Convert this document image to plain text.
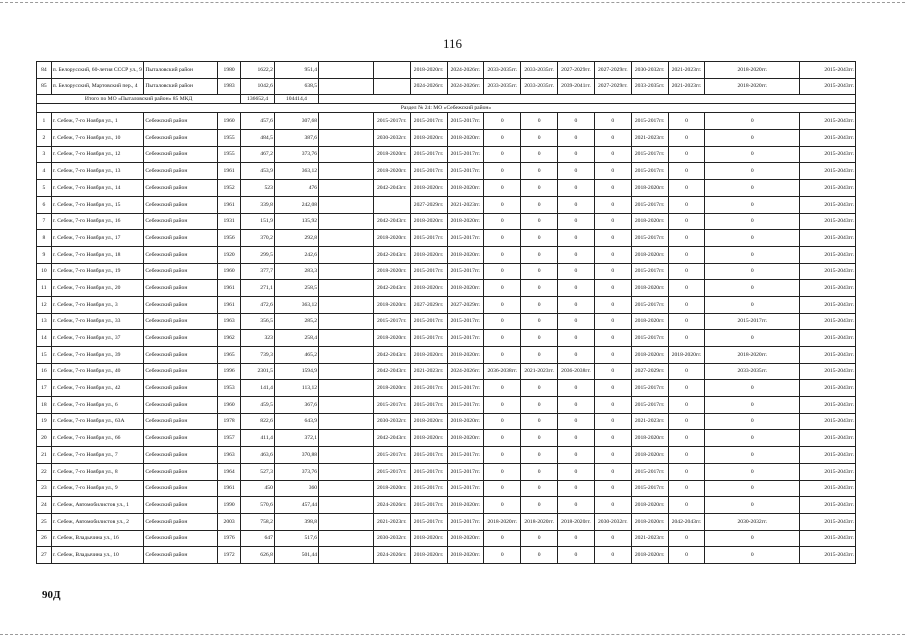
116
84	п. Белорусский, 60-летия СССР ул., 9	Пыталовский район	1980	1622,2	951,4			2018-2020гг.	2024-2026гг.	2033-2035гг.	2033-2035гг.	2027-2029гг.	2027-2029гг.	2030-2032гг.	2021-2023гг.	2018-2020гг.	2015-2043гг.
85	п. Белорусский, Мартовский пер., 4	Пыталовский район	1983	1042,6	638,5			2024-2026гг.	2024-2026гг.	2033-2035гг.	2033-2035гг.	2039-2041гг.	2027-2029гг.	2033-2035гг.	2021-2023гг.	2018-2020гг.	2015-2043гг.
Итого по МО «Пыталовский район» 85 МКД				136652,4	104414,4												
Раздел № 24: МО «Себежский район»																	
1	г. Себеж, 7-го Ноября ул., 1	Себежский район	1960	457,6	307,68		2015-2017гг.	2015-2017гг.	2015-2017гг.	0	0	0	0	2015-2017гг.	0	0	2015-2043гг.
2	г. Себеж, 7-го Ноября ул., 10	Себежский район	1955	484,5	387,6		2030-2032гг.	2018-2020гг.	2018-2020гг.	0	0	0	0	2021-2023гг.	0	0	2015-2043гг.
3	г. Себеж, 7-го Ноября ул., 12	Себежский район	1955	467,2	373,76		2018-2020гг.	2015-2017гг.	2015-2017гг.	0	0	0	0	2015-2017гг.	0	0	2015-2043гг.
4	г. Себеж, 7-го Ноября ул., 13	Себежский район	1961	453,9	363,12		2018-2020гг.	2015-2017гг.	2015-2017гг.	0	0	0	0	2015-2017гг.	0	0	2015-2043гг.
5	г. Себеж, 7-го Ноября ул., 14	Себежский район	1952	523	476		2042-2043гг.	2018-2020гг.	2018-2020гг.	0	0	0	0	2018-2020гг.	0	0	2015-2043гг.
6	г. Себеж, 7-го Ноября ул., 15	Себежский район	1961	339,8	242,08			2027-2029гг.	2021-2023гг.	0	0	0	0	2015-2017гг.	0	0	2015-2043гг.
7	г. Себеж, 7-го Ноября ул., 16	Себежский район	1931	151,9	135,92		2042-2043гг.	2018-2020гг.	2018-2020гг.	0	0	0	0	2018-2020гг.	0	0	2015-2043гг.
8	г. Себеж, 7-го Ноября ул., 17	Себежский район	1956	370,2	292,8		2018-2020гг.	2015-2017гг.	2015-2017гг.	0	0	0	0	2015-2017гг.	0	0	2015-2043гг.
9	г. Себеж, 7-го Ноября ул., 18	Себежский район	1920	299,5	242,6		2042-2043гг.	2018-2020гг.	2018-2020гг.	0	0	0	0	2018-2020гг.	0	0	2015-2043гг.
10	г. Себеж, 7-го Ноября ул., 19	Себежский район	1960	377,7	283,3		2018-2020гг.	2015-2017гг.	2015-2017гг.	0	0	0	0	2015-2017гг.	0	0	2015-2043гг.
11	г. Себеж, 7-го Ноября ул., 20	Себежский район	1961	271,1	258,5		2042-2043гг.	2018-2020гг.	2018-2020гг.	0	0	0	0	2018-2020гг.	0	0	2015-2043гг.
12	г. Себеж, 7-го Ноября ул., 3	Себежский район	1961	472,6	363,12		2018-2020гг.	2027-2029гг.	2027-2029гг.	0	0	0	0	2015-2017гг.	0	0	2015-2043гг.
13	г. Себеж, 7-го Ноября ул., 33	Себежский район	1963	356,5	285,2		2015-2017гг.	2015-2017гг.	2015-2017гг.	0	0	0	0	2018-2020гг.	0	2015-2017гг.	2015-2043гг.
14	г. Себеж, 7-го Ноября ул., 37	Себежский район	1962	323	258,4		2018-2020гг.	2015-2017гг.	2015-2017гг.	0	0	0	0	2015-2017гг.	0	0	2015-2043гг.
15	г. Себеж, 7-го Ноября ул., 39	Себежский район	1965	739,3	465,2		2042-2043гг.	2018-2020гг.	2018-2020гг.	0	0	0	0	2018-2020гг.	2018-2020гг.	2018-2020гг.	2015-2043гг.
16	г. Себеж, 7-го Ноября ул., 40	Себежский район	1996	2301,5	1594,9		2042-2043гг.	2021-2023гг.	2024-2026гг.	2036-2038гг.	2021-2023гг.	2036-2038гг.	0	2027-2029гг.	0	2033-2035гг.	2015-2043гг.
17	г. Себеж, 7-го Ноября ул., 42	Себежский район	1953	141,4	113,12		2018-2020гг.	2015-2017гг.	2015-2017гг.	0	0	0	0	2015-2017гг.	0	0	2015-2043гг.
18	г. Себеж, 7-го Ноября ул., 6	Себежский район	1960	459,5	367,6		2015-2017гг.	2015-2017гг.	2015-2017гг.	0	0	0	0	2015-2017гг.	0	0	2015-2043гг.
19	г. Себеж, 7-го Ноября ул., 63А	Себежский район	1978	822,6	643,9		2030-2032гг.	2018-2020гг.	2018-2020гг.	0	0	0	0	2021-2023гг.	0	0	2015-2043гг.
20	г. Себеж, 7-го Ноября ул., 66	Себежский район	1957	411,4	372,1		2042-2043гг.	2018-2020гг.	2018-2020гг.	0	0	0	0	2018-2020гг.	0	0	2015-2043гг.
21	г. Себеж, 7-го Ноября ул., 7	Себежский район	1963	463,6	370,88		2015-2017гг.	2015-2017гг.	2015-2017гг.	0	0	0	0	2018-2020гг.	0	0	2015-2043гг.
22	г. Себеж, 7-го Ноября ул., 8	Себежский район	1964	527,3	373,76		2015-2017гг.	2015-2017гг.	2015-2017гг.	0	0	0	0	2015-2017гг.	0	0	2015-2043гг.
23	г. Себеж, 7-го Ноября ул., 9	Себежский район	1961	450	360		2018-2020гг.	2015-2017гг.	2015-2017гг.	0	0	0	0	2015-2017гг.	0	0	2015-2043гг.
24	г. Себеж, Автомобилистов ул., 1	Себежский район	1990	570,6	457,44		2024-2026гг.	2015-2017гг.	2018-2020гг.	0	0	0	0	2018-2020гг.	0	0	2015-2043гг.
25	г. Себеж, Автомобилистов ул., 2	Себежский район	2003	758,2	398,8		2021-2023гг.	2015-2017гг.	2015-2017гг.	2018-2020гг.	2018-2020гг.	2018-2020гг.	2030-2032гг.	2018-2020гг.	2042-2043гг.	2030-2032гг.	2015-2043гг.
26	г. Себеж, Владычина ул., 16	Себежский район	1976	647	517,6		2030-2032гг.	2018-2020гг.	2018-2020гг.	0	0	0	0	2021-2023гг.	0	0	2015-2043гг.
27	г. Себеж, Владычина ул., 10	Себежский район	1972	626,8	501,44		2024-2026гг.	2018-2020гг.	2018-2020гг.	0	0	0	0	2018-2020гг.	0	0	2015-2043гг.
90Д
